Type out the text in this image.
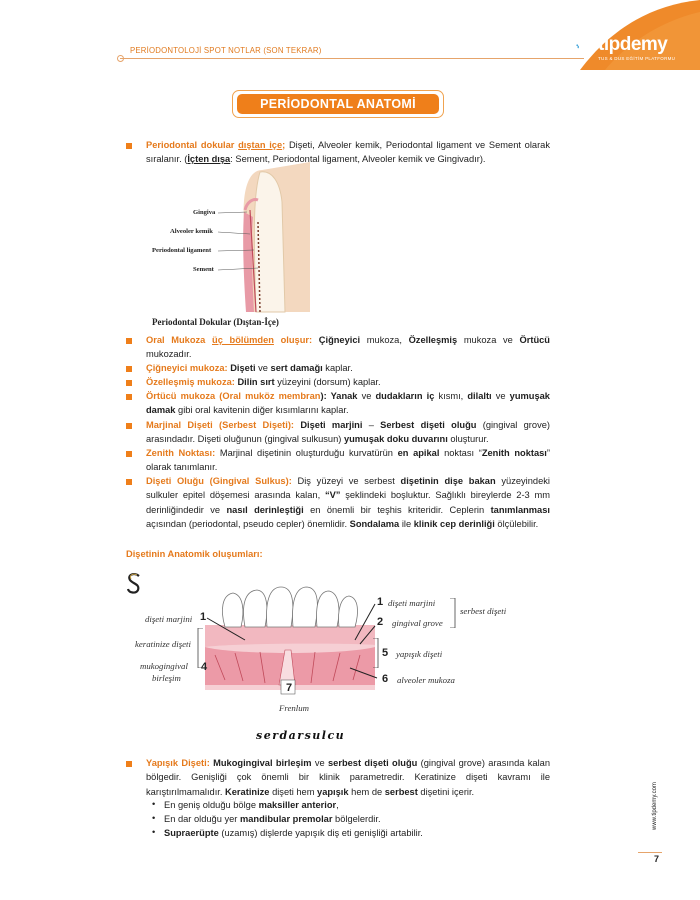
tıpdemy
TUS & DUS EĞİTİM PLATFORMU
PERİODONTOLOJİ SPOT NOTLAR (SON TEKRAR)
PERİODONTAL ANATOMİ
Periodontal dokular dıştan içe; Dişeti, Alveoler kemik, Periodontal ligament ve Sement olarak sıralanır. (İçten dışa: Sement, Periodontal ligament, Alveoler kemik ve Gingivadır).
Gingiva
Alveoler kemik
Periodontal ligament
Sement
Periodontal Dokular (Dıştan-İçe)
Oral Mukoza üç bölümden oluşur: Çiğneyici mukoza, Özelleşmiş mukoza ve Örtücü mukozadır.
Çiğneyici mukoza: Dişeti ve sert damağı kaplar.
Özelleşmiş mukoza: Dilin sırt yüzeyini (dorsum) kaplar.
Örtücü mukoza (Oral muköz membran): Yanak ve dudakların iç kısmı, dilaltı ve yumuşak damak gibi oral kavitenin diğer kısımlarını kaplar.
Marjinal Dişeti (Serbest Dişeti): Dişeti marjini – Serbest dişeti oluğu (gingival grove) arasındadır. Dişeti oluğunun (gingival sulkusun) yumuşak doku duvarını oluşturur.
Zenith Noktası: Marjinal dişetinin oluşturduğu kurvatürün en apikal noktası “Zenith noktası” olarak tanımlanır.
Dişeti Oluğu (Gingival Sulkus): Diş yüzeyi ve serbest dişetinin dişe bakan yüzeyindeki sulkuler epitel döşemesi arasında kalan, “V” şeklindeki boşluktur. Sağlıklı bireylerde 2-3 mm derinliğindedir ve nasıl derinleştiği en önemli bir teşhis kriteridir. Ceplerin tanımlanması açısından (periodontal, pseudo cepler) önemlidir. Sondalama ile klinik cep derinliği ölçülebilir.
Dişetinin Anatomik oluşumları:
dişeti marjini 1
keratinize dişeti
mukogingival
birleşim
4
1 dişeti marjini
2 gingival grove
serbest dişeti
5 yapışık dişeti
6 alveoler mukoza
7
Frenlum
serdarsulcu
Yapışık Dişeti: Mukogingival birleşim ve serbest dişeti oluğu (gingival grove) arasında kalan bölgedir. Genişliği çok önemli bir klinik parametredir. Keratinize dişeti kavramı ile karıştırılmamalıdır. Keratinize dişeti hem yapışık hem de serbest dişetini içerir.
• En geniş olduğu bölge maksiller anterior,
• En dar olduğu yer mandibular premolar bölgelerdir.
• Supraerüpte (uzamış) dişlerde yapışık diş eti genişliği artabilir.
www.tipdemy.com
7
